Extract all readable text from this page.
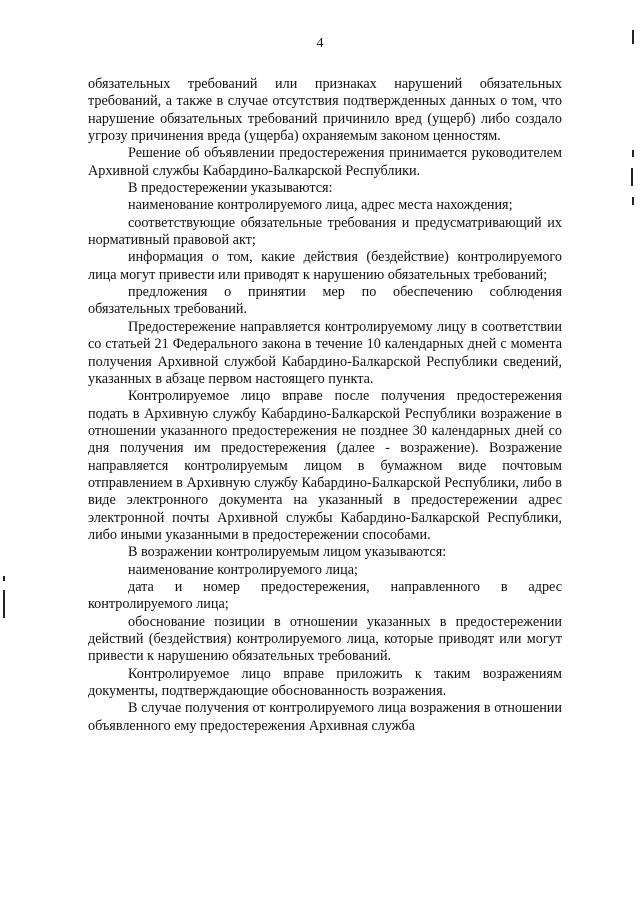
4

обязательных требований или признаках нарушений обязательных требований, а также в случае отсутствия подтвержденных данных о том, что нарушение обязательных требований причинило вред (ущерб) либо создало угрозу причинения вреда (ущерба) охраняемым законом ценностям.

Решение об объявлении предостережения принимается руководителем Архивной службы Кабардино-Балкарской Республики.

В предостережении указываются:

наименование контролируемого лица, адрес места нахождения;

соответствующие обязательные требования и предусматривающий их нормативный правовой акт;

информация о том, какие действия (бездействие) контролируемого лица могут привести или приводят к нарушению обязательных требований;

предложения о принятии мер по обеспечению соблюдения обязательных требований.

Предостережение направляется контролируемому лицу в соответствии со статьей 21 Федерального закона в течение 10 календарных дней с момента получения Архивной службой Кабардино-Балкарской Республики сведений, указанных в абзаце первом настоящего пункта.

Контролируемое лицо вправе после получения предостережения подать в Архивную службу Кабардино-Балкарской Республики возражение в отношении указанного предостережения не позднее 30 календарных дней со дня получения им предостережения (далее - возражение). Возражение направляется контролируемым лицом в бумажном виде почтовым отправлением в Архивную службу Кабардино-Балкарской Республики, либо в виде электронного документа на указанный в предостережении адрес электронной почты Архивной службы Кабардино-Балкарской Республики, либо иными указанными в предостережении способами.

В возражении контролируемым лицом указываются:

наименование контролируемого лица;

дата и номер предостережения, направленного в адрес контролируемого лица;

обоснование позиции в отношении указанных в предостережении действий (бездействия) контролируемого лица, которые приводят или могут привести к нарушению обязательных требований.

Контролируемое лицо вправе приложить к таким возражениям документы, подтверждающие обоснованность возражения.

В случае получения от контролируемого лица возражения в отношении объявленного ему предостережения Архивная служба
